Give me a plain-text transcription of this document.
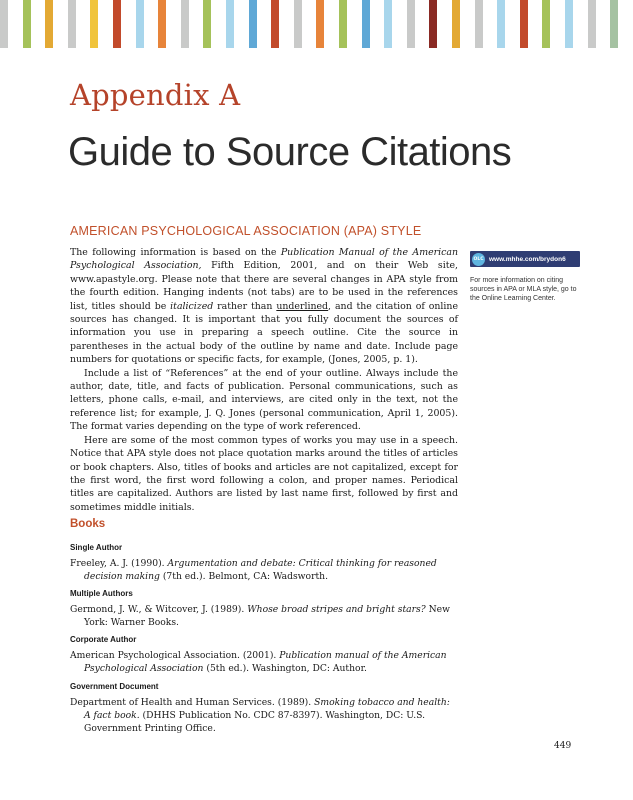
Appendix A
Guide to Source Citations
AMERICAN PSYCHOLOGICAL ASSOCIATION (APA) STYLE

The following information is based on the Publication Manual of the American Psychological Association, Fifth Edition, 2001, and on their Web site, www.apastyle.org. Please note that there are several changes in APA style from the fourth edition. Hanging indents (not tabs) are to be used in the references list, titles should be italicized rather than underlined, and the citation of online sources has changed. It is important that you fully document the sources of information you use in preparing a speech outline. Cite the source in parentheses in the actual body of the outline by name and date. Include page numbers for quotations or specific facts, for example, (Jones, 2005, p. 1).

Include a list of “References” at the end of your outline. Always include the author, date, title, and facts of publication. Personal communications, such as letters, phone calls, e-mail, and interviews, are cited only in the text, not the reference list; for example, J. Q. Jones (personal communication, April 1, 2005). The format varies depending on the type of work referenced.

Here are some of the most common types of works you may use in a speech. Notice that APA style does not place quotation marks around the titles of articles or book chapters. Also, titles of books and articles are not capitalized, except for the first word, the first word following a colon, and proper names. Periodical titles are capitalized. Authors are listed by last name first, followed by first and sometimes middle initials.

OLC www.mhhe.com/brydon6

For more information on citing sources in APA or MLA style, go to the Online Learning Center.

Books

Single Author

Freeley, A. J. (1990). Argumentation and debate: Critical thinking for reasoned decision making (7th ed.). Belmont, CA: Wadsworth.

Multiple Authors

Germond, J. W., & Witcover, J. (1989). Whose broad stripes and bright stars? New York: Warner Books.

Corporate Author

American Psychological Association. (2001). Publication manual of the American Psychological Association (5th ed.). Washington, DC: Author.

Government Document

Department of Health and Human Services. (1989). Smoking tobacco and health: A fact book. (DHHS Publication No. CDC 87-8397). Washington, DC: U.S. Government Printing Office.

449
